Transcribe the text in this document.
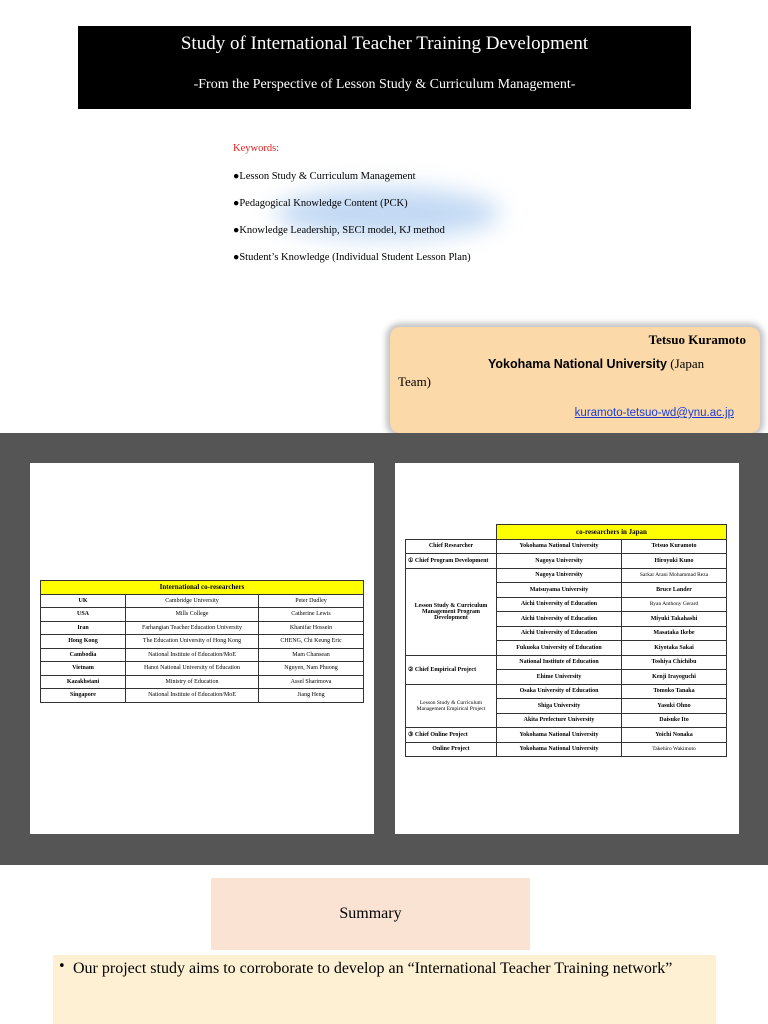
Study of International Teacher Training Development
-From the Perspective of Lesson Study & Curriculum Management-
Keywords:
●Lesson Study & Curriculum Management
●Pedagogical Knowledge Content (PCK)
●Knowledge Leadership, SECI model, KJ method
●Student’s Knowledge (Individual Student Lesson Plan)
Tetsuo Kuramoto
Yokohama National University (Japan
Team)
kuramoto-tetsuo-wd@ynu.ac.jp
International co-researchers		
UK	Cambridge University	Peter Dudley
USA	Mills College	Catherine Lewis
Iran	Farhangian Teacher Education University	Khanifar Hossein
Hong Kong	The Education University of Hong Kong	CHENG, Chi Keung Eric
Cambodia	National Institute of Education/MoE	Mam Chansean
Vietnam	Hanoi National University of Education	Nguyen, Nam Phuong
Kazakhstani	Ministry of Education	Assel Sharimova
Singapore	National Institute of Education/MoE	Jiang Heng
	co-researchers in Japan	
Chief Researcher	Yokohama National University	Tetsuo Kuramoto
① Chief Program Development	Nagoya University	Hiroyuki Kuno
Lesson Study & Curriculum Management Program Development	Nagoya University	Sarkar Arani Mohammad Reza
	Matsuyama University	Bruce Lander
	Aichi University of Education	Ryan Anthony Gerard
	Aichi University of Education	Miyuki Takahashi
	Aichi University of Education	Masataka Ikebe
	Fukuoka University of Education	Kiyotaka Sakai
② Chief Empirical Project	National Institute of Education	Toshiya Chichibu
	Ehime University	Kenji Irayoguchi
Lesson Study & Curriculum Management Empirical Project	Osaka University of Education	Tomoko Tanaka
	Shiga University	Yasuki Ohno
	Akita Prefecture University	Daisuke Ito
③ Chief Online Project	Yokohama National University	Yoichi Nonaka
Online Project	Yokohama National University	Takehiro Wakimoto
Summary
• Our project study aims to corroborate to develop an “International Teacher Training network”
